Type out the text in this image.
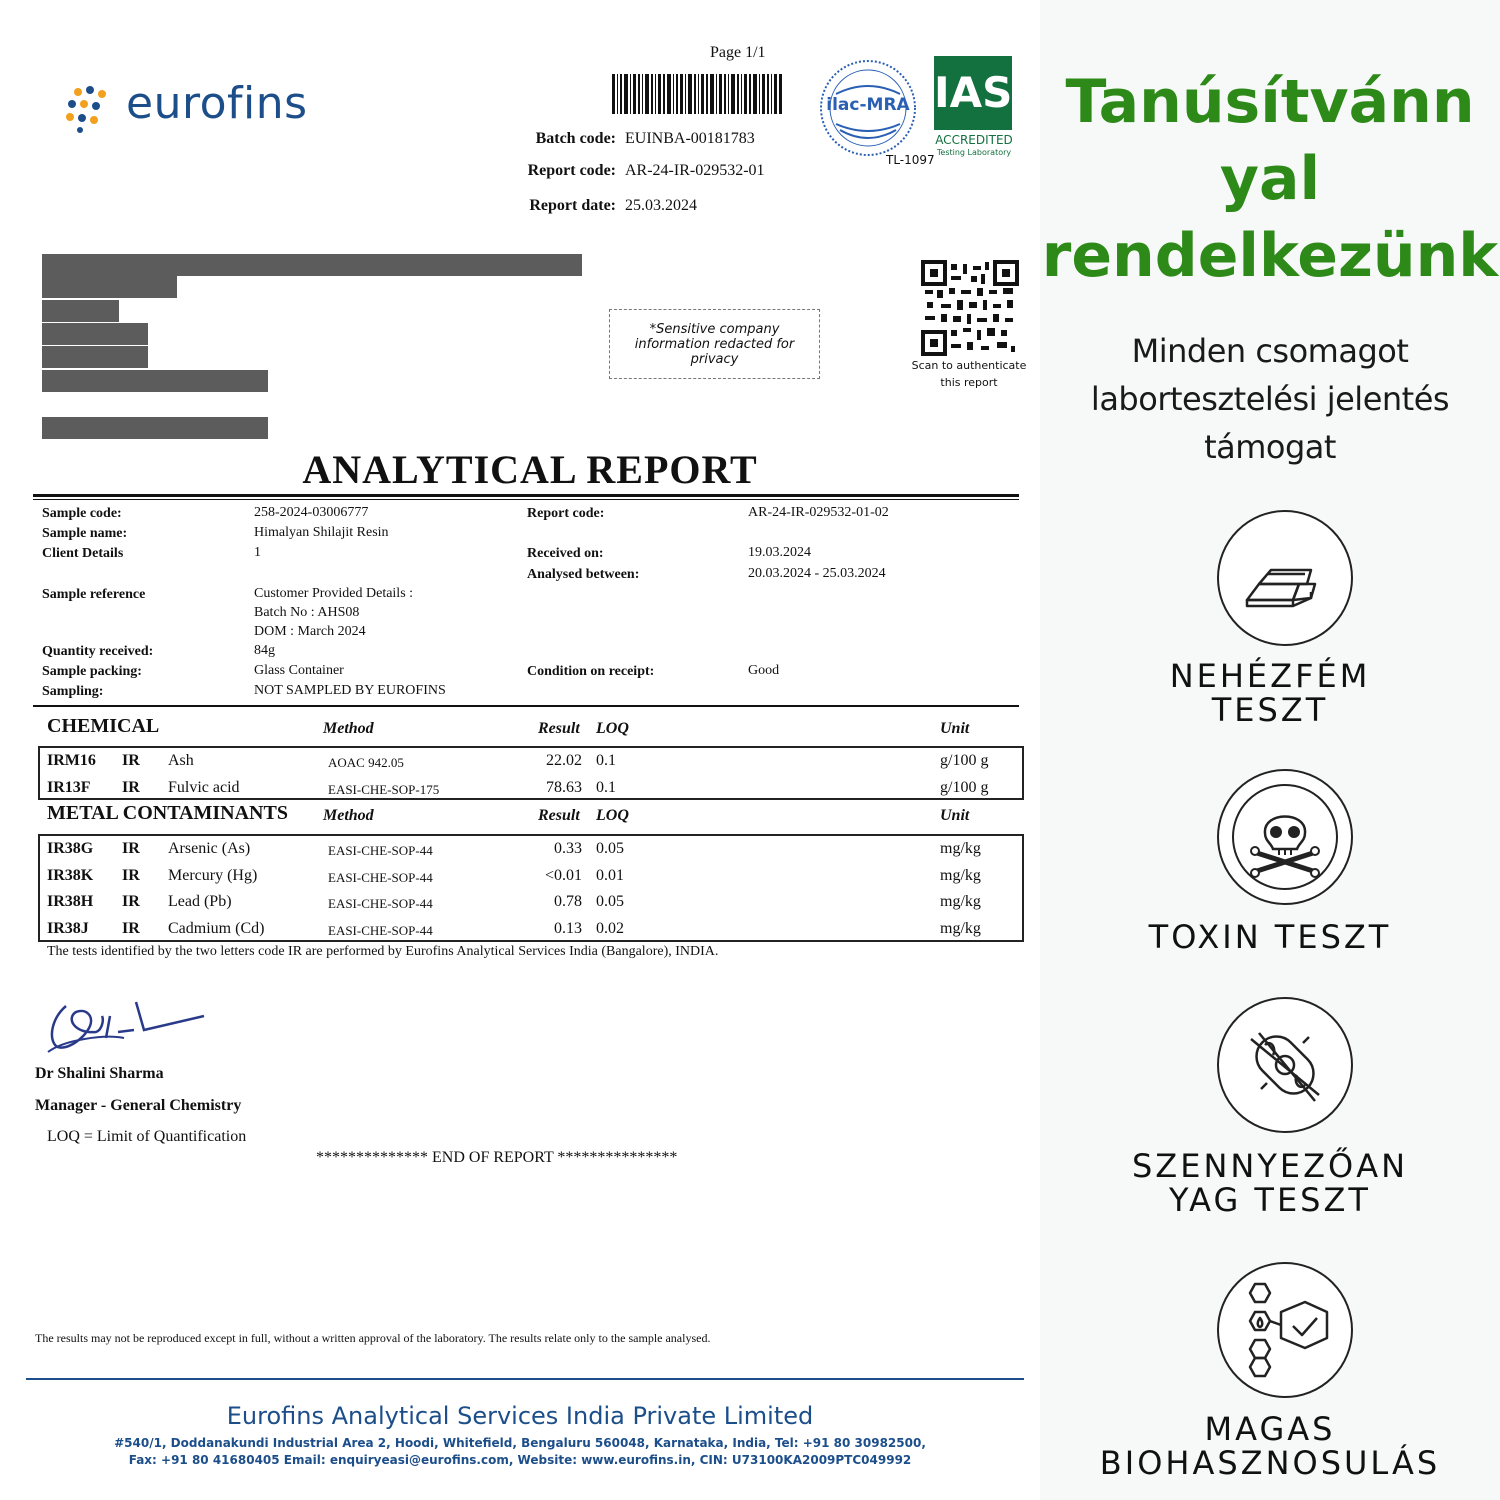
eurofins
Page 1/1
Batch code: EUINBA-00181783
Report code: AR-24-IR-029532-01
Report date: 25.03.2024
ilac-MRA IAS
ACCREDITED
Testing Laboratory
TL-1097
*Sensitive company information redacted for privacy	Scan to authenticate
this report
ANALYTICAL REPORT
Sample code:	258-2024-03006777
Sample name:	Himalyan Shilajit Resin
Client Details	1
Sample reference	Customer Provided Details :
Batch No : AHS08
DOM : March 2024
Quantity received:	84g
Sample packing:	Glass Container
Sampling:	NOT SAMPLED BY EUROFINS
Report code:	AR-24-IR-029532-01-02
Received on:	19.03.2024
Analysed between:	20.03.2024 - 25.03.2024
Condition on receipt:	Good
CHEMICAL	Method	Result LOQ	Unit
IRM16 IR Ash	AOAC 942.05	22.02 0.1	g/100 g
IR13F IR Fulvic acid	EASI-CHE-SOP-175	78.63 0.1	g/100 g
METAL CONTAMINANTS Method	Result LOQ	Unit
IR38G IR Arsenic (As)	EASI-CHE-SOP-44	0.33 0.05	mg/kg
IR38K IR Mercury (Hg)	EASI-CHE-SOP-44	<0.01 0.01	mg/kg
IR38H IR Lead (Pb)	EASI-CHE-SOP-44	0.78 0.05	mg/kg
IR38J IR Cadmium (Cd)	EASI-CHE-SOP-44	0.13 0.02	mg/kg
The tests identified by the two letters code IR are performed by Eurofins Analytical Services India (Bangalore), INDIA.
Dr Shalini Sharma
Manager - General Chemistry
LOQ = Limit of Quantification
************** END OF REPORT ***************
The results may not be reproduced except in full, without a written approval of the laboratory. The results relate only to the sample analysed.
Eurofins Analytical Services India Private Limited
#540/1, Doddanakundi Industrial Area 2, Hoodi, Whitefield, Bengaluru 560048, Karnataka, India, Tel: +91 80 30982500,
Fax: +91 80 41680405 Email: enquiryeasi@eurofins.com, Website: www.eurofins.in, CIN: U73100KA2009PTC049992
Tanúsítvánn
yal
rendelkezünk
Minden csomagot
labortesztelési jelentés
támogat
NEHÉZFÉM
TESZT
TOXIN TESZT
SZENNYEZŐAN
YAG TESZT
MAGAS
BIOHASZNOSULÁS
